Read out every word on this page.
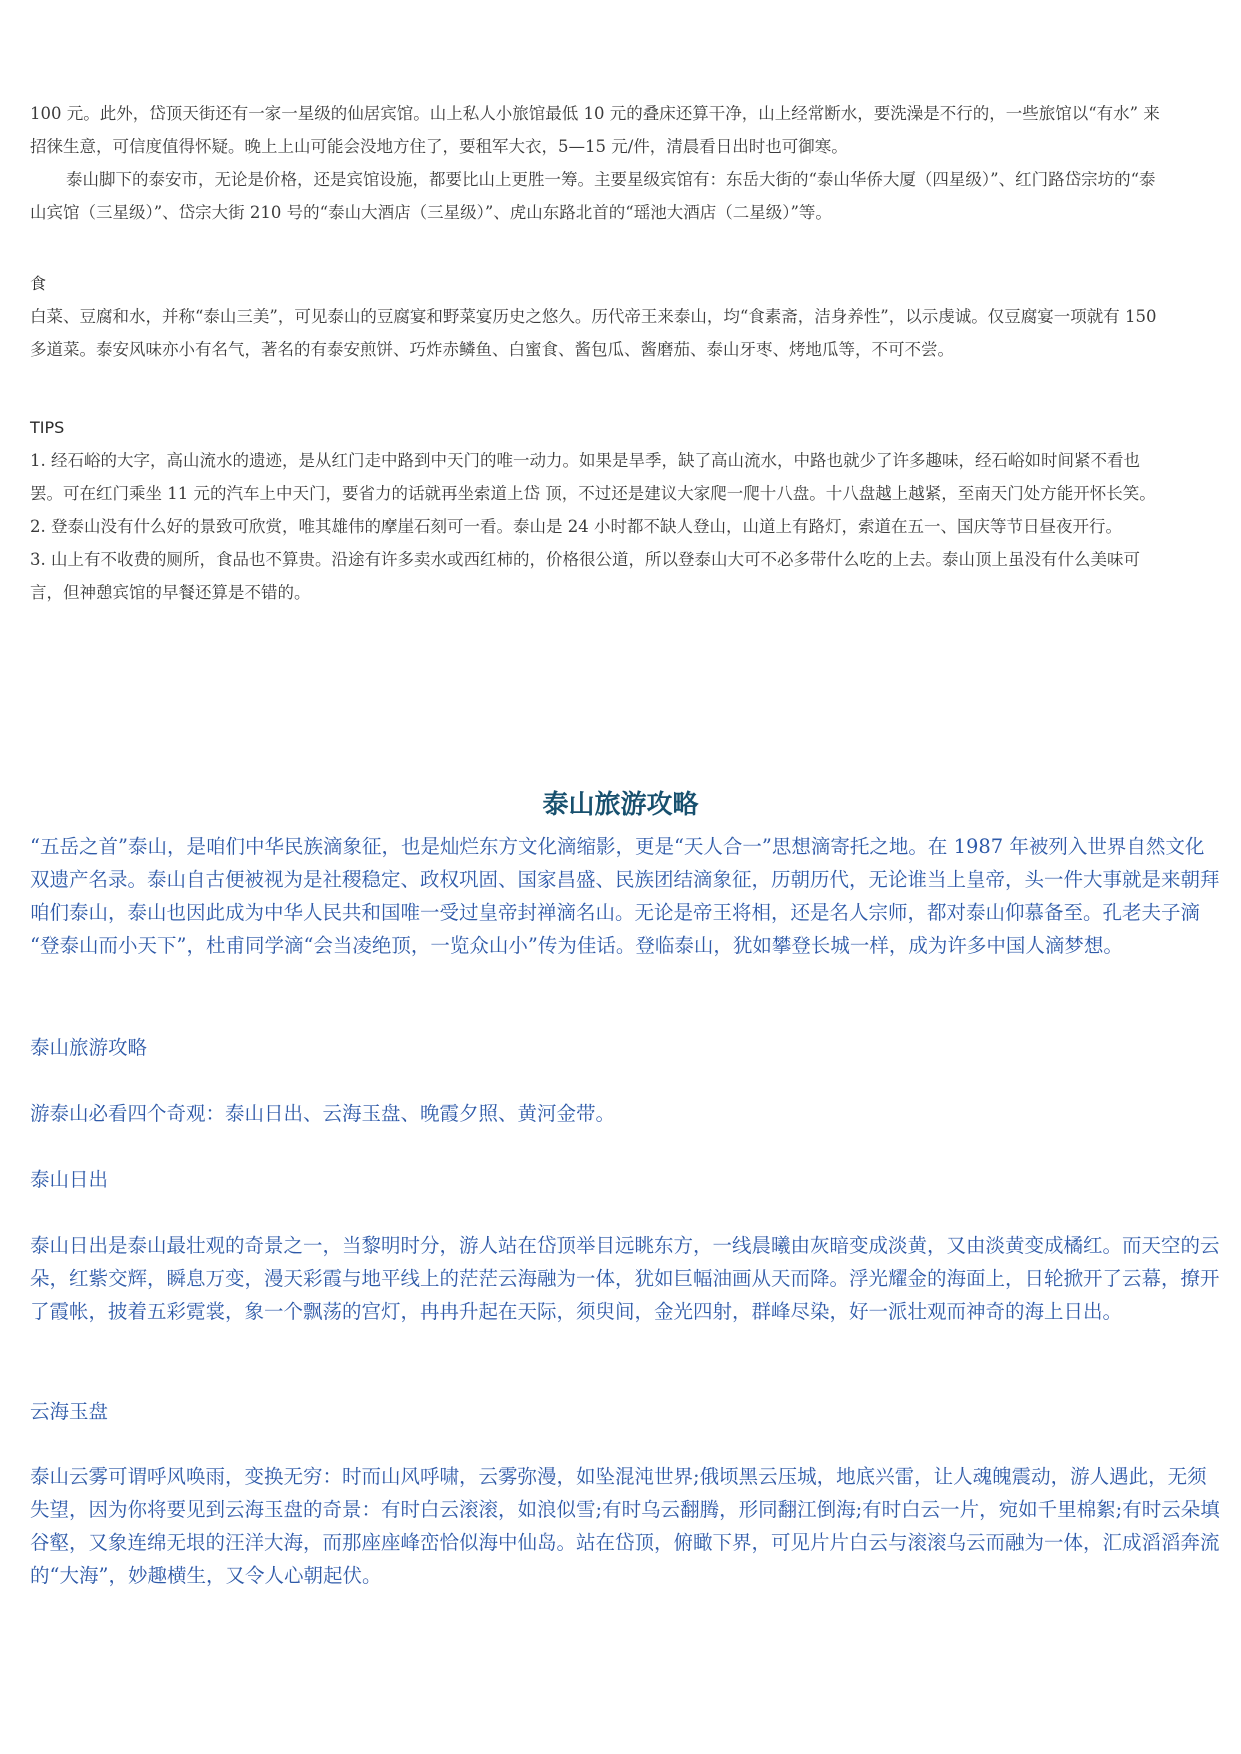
100 元。此外，岱顶天街还有一家一星级的仙居宾馆。山上私人小旅馆最低 10 元的叠床还算干净，山上经常断水，要洗澡是不行的，一些旅馆以“有水” 来招徕生意，可信度值得怀疑。晚上上山可能会没地方住了，要租军大衣，5—15 元/件，清晨看日出时也可御寒。

泰山脚下的泰安市，无论是价格，还是宾馆设施，都要比山上更胜一筹。主要星级宾馆有：东岳大街的“泰山华侨大厦（四星级）”、红门路岱宗坊的“泰山宾馆（三星级）”、岱宗大街 210 号的“泰山大酒店（三星级）”、虎山东路北首的“瑶池大酒店（二星级）”等。

食

白菜、豆腐和水，并称“泰山三美”，可见泰山的豆腐宴和野菜宴历史之悠久。历代帝王来泰山，均“食素斋，洁身养性”，以示虔诚。仅豆腐宴一项就有 150 多道菜。泰安风味亦小有名气，著名的有泰安煎饼、巧炸赤鳞鱼、白蜜食、酱包瓜、酱磨茄、泰山牙枣、烤地瓜等，不可不尝。

TIPS

1. 经石峪的大字，高山流水的遗迹，是从红门走中路到中天门的唯一动力。如果是旱季，缺了高山流水，中路也就少了许多趣味，经石峪如时间紧不看也罢。可在红门乘坐 11 元的汽车上中天门，要省力的话就再坐索道上岱 顶，不过还是建议大家爬一爬十八盘。十八盘越上越紧，至南天门处方能开怀长笑。

2. 登泰山没有什么好的景致可欣赏，唯其雄伟的摩崖石刻可一看。泰山是 24 小时都不缺人登山，山道上有路灯，索道在五一、国庆等节日昼夜开行。

3. 山上有不收费的厕所，食品也不算贵。沿途有许多卖水或西红柿的，价格很公道，所以登泰山大可不必多带什么吃的上去。泰山顶上虽没有什么美味可言，但神憩宾馆的早餐还算是不错的。

泰山旅游攻略

“五岳之首”泰山，是咱们中华民族滴象征，也是灿烂东方文化滴缩影，更是“天人合一”思想滴寄托之地。在 1987 年被列入世界自然文化双遗产名录。泰山自古便被视为是社稷稳定、政权巩固、国家昌盛、民族团结滴象征，历朝历代，无论谁当上皇帝，头一件大事就是来朝拜咱们泰山，泰山也因此成为中华人民共和国唯一受过皇帝封禅滴名山。无论是帝王将相，还是名人宗师，都对泰山仰慕备至。孔老夫子滴 “登泰山而小天下”，杜甫同学滴“会当凌绝顶，一览众山小”传为佳话。登临泰山，犹如攀登长城一样，成为许多中国人滴梦想。

泰山旅游攻略

游泰山必看四个奇观：泰山日出、云海玉盘、晚霞夕照、黄河金带。

泰山日出

泰山日出是泰山最壮观的奇景之一，当黎明时分，游人站在岱顶举目远眺东方，一线晨曦由灰暗变成淡黄，又由淡黄变成橘红。而天空的云朵，红紫交辉，瞬息万变，漫天彩霞与地平线上的茫茫云海融为一体，犹如巨幅油画从天而降。浮光耀金的海面上，日轮掀开了云幕，撩开了霞帐，披着五彩霓裳，象一个飘荡的宫灯，冉冉升起在天际，须臾间，金光四射，群峰尽染，好一派壮观而神奇的海上日出。

云海玉盘

泰山云雾可谓呼风唤雨，变换无穷：时而山风呼啸，云雾弥漫，如坠混沌世界;俄顷黑云压城，地底兴雷，让人魂魄震动，游人遇此，无须失望，因为你将要见到云海玉盘的奇景：有时白云滚滚，如浪似雪;有时乌云翻腾，形同翻江倒海;有时白云一片，宛如千里棉絮;有时云朵填谷壑，又象连绵无垠的汪洋大海，而那座座峰峦恰似海中仙岛。站在岱顶，俯瞰下界，可见片片白云与滚滚乌云而融为一体，汇成滔滔奔流的“大海”，妙趣横生，又令人心朝起伏。
